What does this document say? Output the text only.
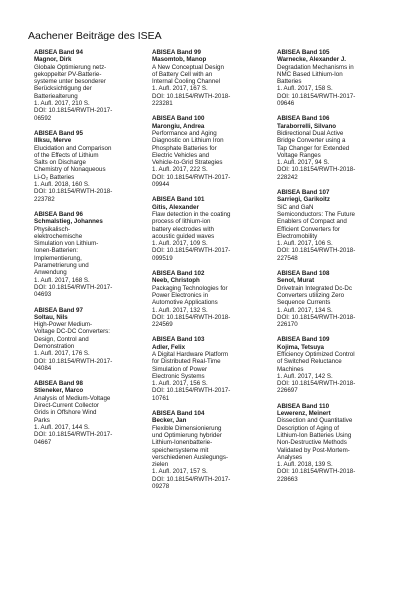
Aachener Beiträge des ISEA
ABISEA Band 94
Magnor, Dirk
Globale Optimierung netz-
gekoppelter PV-Batterie-
systeme unter besonderer
Berücksichtigung der
Batteriealterung
1. Aufl. 2017, 210 S.
DOI: 10.18154/RWTH-2017-
06592
ABISEA Band 95
Illksu, Merve
Elucidation and Comparison
of the Effects of Lithium
Salts on Discharge
Chemistry of Nonaqueous
Li-O₂ Batteries
1. Aufl. 2018, 160 S.
DOI: 10.18154/RWTH-2018-
223782
ABISEA Band 96
Schmalstieg, Johannes
Physikalisch-
elektrochemische
Simulation von Lithium-
Ionen-Batterien:
Implementierung,
Parametrierung und
Anwendung
1. Aufl. 2017, 168 S.
DOI: 10.18154/RWTH-2017-
04693
ABISEA Band 97
Soltau, Nils
High-Power Medium-
Voltage DC-DC Converters:
Design, Control and
Demonstration
1. Aufl. 2017, 176 S.
DOI: 10.18154/RWTH-2017-
04084
ABISEA Band 98
Stieneker, Marco
Analysis of Medium-Voltage
Direct-Current Collector
Grids in Offshore Wind
Parks
1. Aufl. 2017, 144 S.
DOI: 10.18154/RWTH-2017-
04667
ABISEA Band 99
Masomtob, Manop
A New Conceptual Design
of Battery Cell with an
Internal Cooling Channel
1. Aufl. 2017, 167 S.
DOI: 10.18154/RWTH-2018-
223281
ABISEA Band 100
Marongiu, Andrea
Performance and Aging
Diagnostic on Lithium Iron
Phosphate Batteries for
Electric Vehicles and
Vehicle-to-Grid Strategies
1. Aufl. 2017, 222 S.
DOI: 10.18154/RWTH-2017-
09944
ABISEA Band 101
Gitis, Alexander
Flaw detection in the coating
process of lithium-ion
battery electrodes with
acoustic guided waves
1. Aufl. 2017, 109 S.
DOI: 10.18154/RWTH-2017-
099519
ABISEA Band 102
Neeb, Christoph
Packaging Technologies for
Power Electronics in
Automotive Applications
1. Aufl. 2017, 132 S.
DOI: 10.18154/RWTH-2018-
224569
ABISEA Band 103
Adler, Felix
A Digital Hardware Platform
for Distributed Real-Time
Simulation of Power
Electronic Systems
1. Aufl. 2017, 156 S.
DOI: 10.18154/RWTH-2017-
10761
ABISEA Band 104
Becker, Jan
Flexible Dimensionierung
und Optimierung hybrider
Lithium-Ionenbatterie-
speichersysteme mit
verschiedenen Auslegungs-
zielen
1. Aufl. 2017, 157 S.
DOI: 10.18154/RWTH-2017-
09278
ABISEA Band 105
Warnecke, Alexander J.
Degradation Mechanisms in
NMC Based Lithium-Ion
Batteries
1. Aufl. 2017, 158 S.
DOI: 10.18154/RWTH-2017-
09646
ABISEA Band 106
Taraborrelli, Silvano
Bidirectional Dual Active
Bridge Converter using a
Tap Changer for Extended
Voltage Ranges
1. Aufl. 2017, 94 S.
DOI: 10.18154/RWTH-2018-
228242
ABISEA Band 107
Sarriegi, Garikoitz
SiC and GaN
Semiconductors: The Future
Enablers of Compact and
Efficient Converters for
Electromobility
1. Aufl. 2017, 106 S.
DOI: 10.18154/RWTH-2018-
227548
ABISEA Band 108
Senol, Murat
Drivetrain Integrated Dc-Dc
Converters utilizing Zero
Sequence Currents
1. Aufl. 2017, 134 S.
DOI: 10.18154/RWTH-2018-
226170
ABISEA Band 109
Kojima, Tetsuya
Efficiency Optimized Control
of Switched Reluctance
Machines
1. Aufl. 2017, 142 S.
DOI: 10.18154/RWTH-2018-
226697
ABISEA Band 110
Lewerenz, Meinert
Dissection and Quantitative
Description of Aging of
Lithium-Ion Batteries Using
Non-Destructive Methods
Validated by Post-Mortem-
Analyses
1. Aufl. 2018, 139 S.
DOI: 10.18154/RWTH-2018-
228663
